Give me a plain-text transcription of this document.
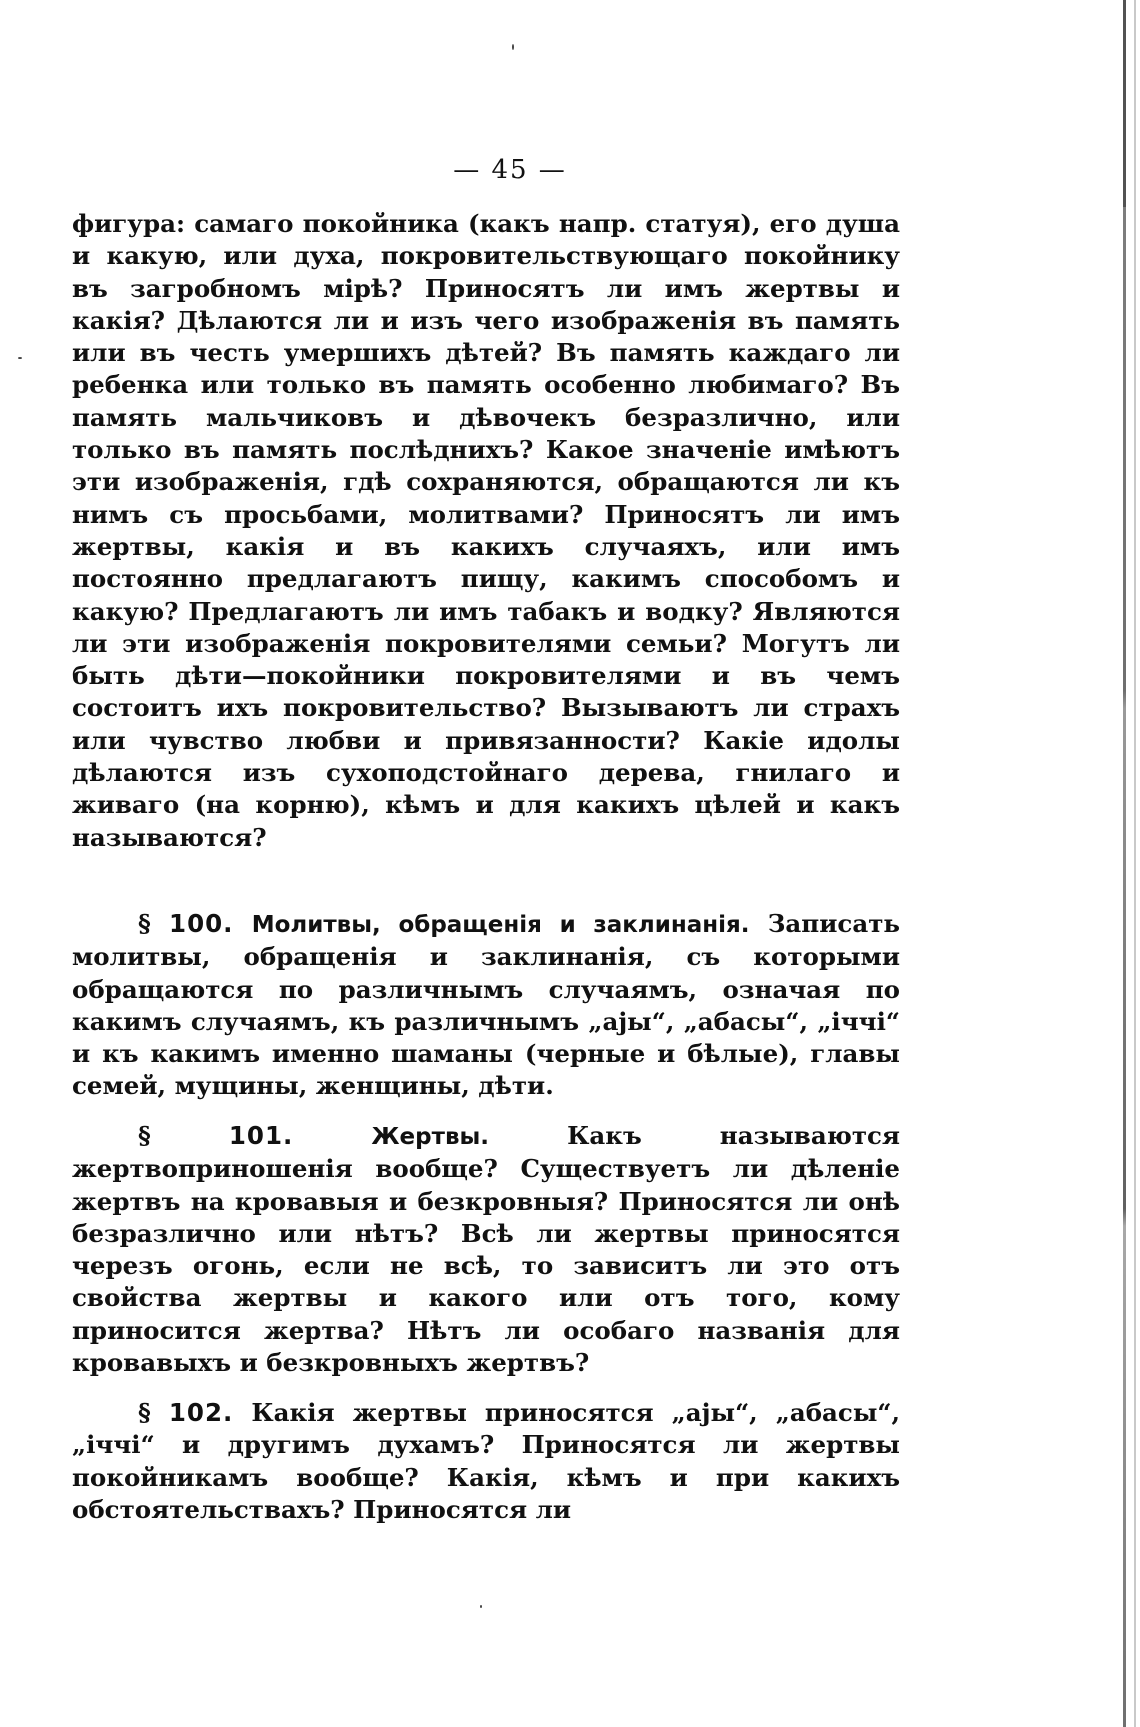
— 45 —
фигура: самаго покойника (какъ напр. статуя), его душа и какую, или духа, покровительствующаго покойнику въ загробномъ мірѣ? Приносятъ ли имъ жертвы и какія? Дѣлаются ли и изъ чего изображенія въ память или въ честь умершихъ дѣтей? Въ память каждаго ли ребенка или только въ память особенно любимаго? Въ память мальчиковъ и дѣвочекъ безразлично, или только въ память послѣднихъ? Какое значеніе имѣютъ эти изображенія, гдѣ сохраняются, обращаются ли къ нимъ съ просьбами, молитвами? Приносятъ ли имъ жертвы, какія и въ какихъ случаяхъ, или имъ постоянно предлагаютъ пищу, какимъ способомъ и какую? Предлагаютъ ли имъ табакъ и водку? Являются ли эти изображенія покровителями семьи? Могутъ ли быть дѣти—покойники покровителями и въ чемъ состоитъ ихъ покровительство? Вызываютъ ли страхъ или чувство любви и привязанности? Какіе идолы дѣлаются изъ сухоподстойнаго дерева, гнилаго и живаго (на корню), кѣмъ и для какихъ цѣлей и какъ называются?
§ 100. Молитвы, обращенія и заклинанія. Записать молитвы, обращенія и заклинанія, съ которыми обращаются по различнымъ случаямъ, означая по какимъ случаямъ, къ различнымъ „ајы“, „абасы“, „іччі“ и къ какимъ именно шаманы (черные и бѣлые), главы семей, мущины, женщины, дѣти.
§	101.	Жертвы.	Какъ называются жертвоприношенія вообще? Существуетъ ли дѣленіе жертвъ на кровавыя и безкровныя? Приносятся ли онѣ безразлично или нѣтъ? Всѣ ли жертвы приносятся черезъ огонь, если не всѣ, то зависитъ ли это отъ свойства жертвы и какого или отъ того, кому приносится жертва? Нѣтъ ли особаго названія для кровавыхъ и безкровныхъ жертвъ?
§ 102. Какія жертвы приносятся „ајы“, „абасы“, „іччі“ и другимъ духамъ? Приносятся ли жертвы покойникамъ вообще? Какія, кѣмъ и при какихъ обстоятельствахъ? Приносятся ли
